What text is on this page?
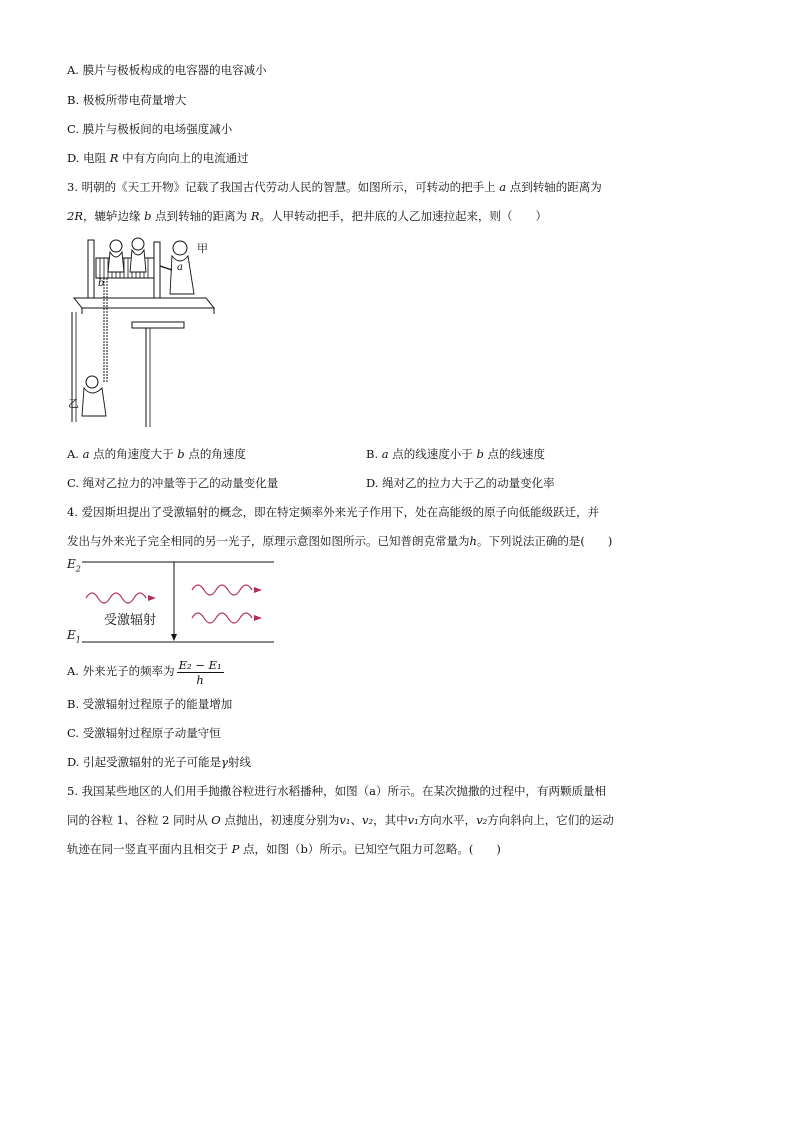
A. 膜片与极板构成的电容器的电容减小
B. 极板所带电荷量增大
C. 膜片与极板间的电场强度减小
D. 电阻 R 中有方向向上的电流通过
3. 明朝的《天工开物》记载了我国古代劳动人民的智慧。如图所示，可转动的把手上 a 点到转轴的距离为
2R，辘轳边缘 b 点到转轴的距离为 R。人甲转动把手，把井底的人乙加速拉起来，则（　　）
甲
a
b
乙
A. a 点的角速度大于 b 点的角速度	B. a 点的线速度小于 b 点的线速度
C. 绳对乙拉力的冲量等于乙的动量变化量	D. 绳对乙的拉力大于乙的动量变化率
4. 爱因斯坦提出了受激辐射的概念，即在特定频率外来光子作用下，处在高能级的原子向低能级跃迁，并
发出与外来光子完全相同的另一光子，原理示意图如图所示。已知普朗克常量为h。下列说法正确的是(　　)
$E_2$
$E_1$
受激辐射
A. 外来光子的频率为 $\frac{\text{E₂ − E₁}}{h}$
B. 受激辐射过程原子的能量增加
C. 受激辐射过程原子动量守恒
D. 引起受激辐射的光子可能是γ射线
5. 我国某些地区的人们用手抛撒谷粒进行水稻播种，如图（a）所示。在某次抛撒的过程中，有两颗质量相
同的谷粒 1、谷粒 2 同时从 O 点抛出，初速度分别为v₁、v₂，其中v₁方向水平，v₂方向斜向上，它们的运动
轨迹在同一竖直平面内且相交于 P 点，如图（b）所示。已知空气阻力可忽略。(　　)
